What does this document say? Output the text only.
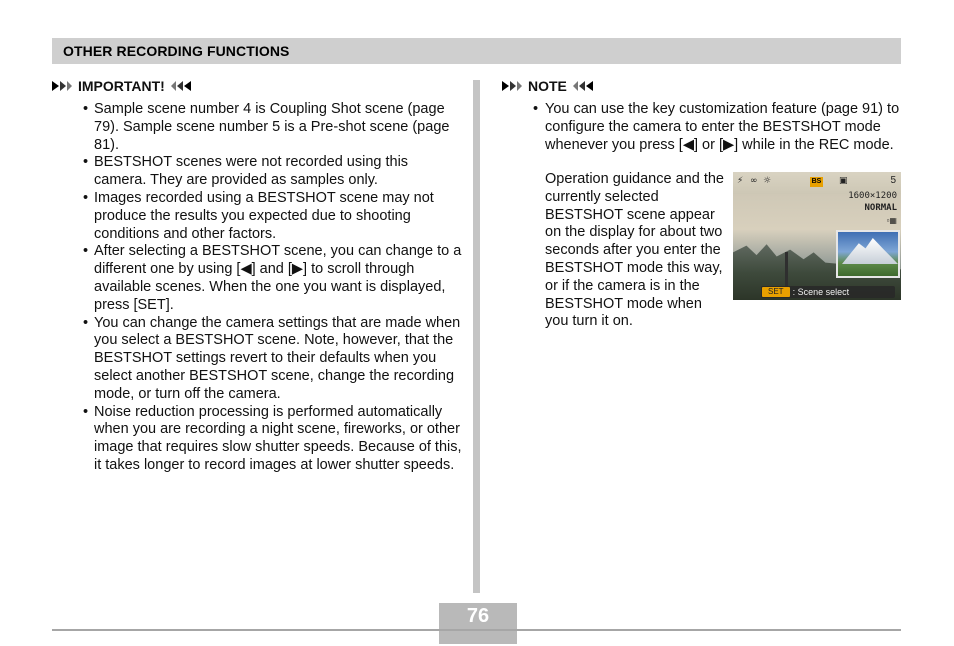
OTHER RECORDING FUNCTIONS
IMPORTANT!
• Sample scene number 4 is Coupling Shot scene (page 79). Sample scene number 5 is a Pre-shot scene (page 81).
• BESTSHOT scenes were not recorded using this camera. They are provided as samples only.
• Images recorded using a BESTSHOT scene may not produce the results you expected due to shooting conditions and other factors.
• After selecting a BESTSHOT scene, you can change to a different one by using [◀] and [▶] to scroll through available scenes. When the one you want is displayed, press [SET].
• You can change the camera settings that are made when you select a BESTSHOT scene. Note, however, that the BESTSHOT settings revert to their defaults when you select another BESTSHOT scene, change the recording mode, or turn off the camera.
• Noise reduction processing is performed automatically when you are recording a night scene, fireworks, or other image that requires slow shutter speeds. Because of this, it takes longer to record images at lower shutter speeds.
NOTE
• You can use the key customization feature (page 91) to configure the camera to enter the BESTSHOT mode whenever you press [◀] or [▶] while in the REC mode.
Operation guidance and the currently selected BESTSHOT scene appear on the display for about two seconds after you enter the BESTSHOT mode this way, or if the camera is in the BESTSHOT mode when you turn it on.
⚡ ∞ ☼	BS ▣	5
1600×1200
NORMAL
▫▦
SET	: Scene select
76
